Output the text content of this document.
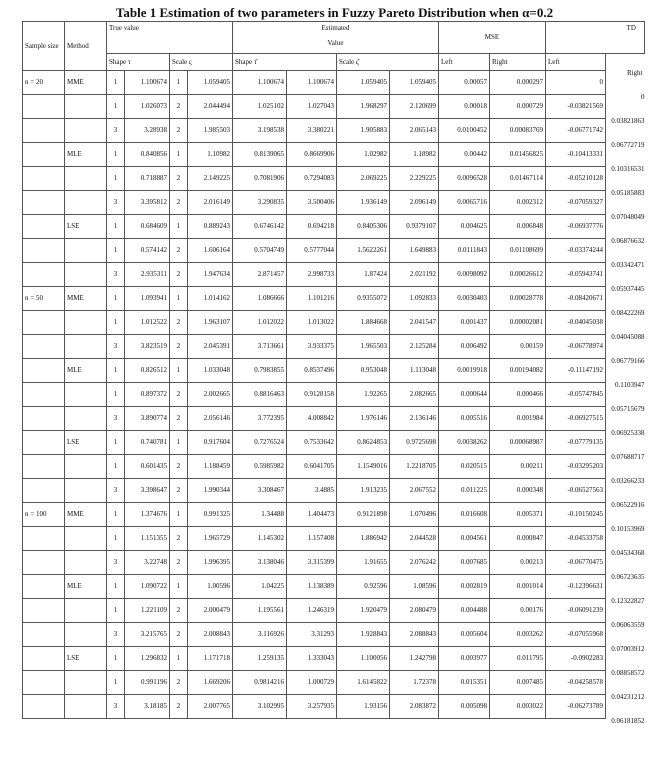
Table 1 Estimation of two parameters in Fuzzy Pareto Distribution when α=0.2
Sample size	Method	True value				Estimated
Value				MSE		TD	
		Shape τ		Scale ς		Shape τ̂		Scale ς̂		Left	Right	Left	Right
n = 20	MME	1	1.100674	1	1.059405	1.100674	1.100674	1.059405	1.059405	0.00057	0.000297	0	0
		1	1.026073	2	2.044494	1.025102	1.027043	1.968297	2.120699	0.00018	0.000729	-0.03821569	0.03821863
		3	3.28938	2	1.985503	3.198538	3.380221	1.905883	2.065143	0.0100452	0.00083769	-0.06771742	0.06772719
	MLE	1	0.840856	1	1.10982	0.8139065	0.8669906	1.02982	1.18982	0.00442	0.01456825	-0.10413331	0.10316531
		1	0.718887	2	2.149225	0.7081906	0.7294083	2.069225	2.229225	0.0096528	0.01467114	-0.05210128	0.05185883
		3	3.395812	2	2.016149	3.290835	3.500406	1.936149	2.096149	0.0065716	0.002312	-0.07059327	0.07048049
	LSE	1	0.684609	1	0.889243	0.6746142	0.694218	0.8405306	0.9379107	0.004625	0.006848	-0.06937776	0.06876632
		1	0.574142	2	1.606164	0.5704749	0.5777044	1.5622261	1.649883	0.0111843	0.01108699	-0.03374244	0.03342471
		3	2.935311	2	1.947634	2.871457	2.998733	1.87424	2.021192	0.0098092	0.00026612	-0.05943741	0.05937445
n = 50	MME	1	1.093941	1	1.014162	1.086666	1.101216	0.9355072	1.092833	0.0030403	0.00028778	-0.08420671	0.08422269
		1	1.012522	2	1.963107	1.012022	1.013022	1.884668	2.041547	0.001437	0.00002081	-0.04045038	0.04045088
		3	3.823519	2	2.045391	3.713661	3.933375	1.965503	2.125284	0.006492	0.00159	-0.06778974	0.06779166
	MLE	1	0.826512	1	1.033048	0.7983855	0.8537496	0.953048	1.113048	0.0019918	0.00194082	-0.11147192	0.1103947
		1	0.897372	2	2.002665	0.8816463	0.9128158	1.92265	2.082665	0.000644	0.000466	-0.05747845	0.05715679
		3	3.890774	2	2.056146	3.772395	4.008842	1.976146	2.136146	0.005516	0.001984	-0.06927515	0.06925338
	LSE	1	0.740781	1	0.917604	0.7276524	0.7533642	0.8624853	0.9725698	0.0038262	0.00068987	-0.07779135	0.07688717
		1	0.601435	2	1.188459	0.5985982	0.6041705	1.1549016	1.2218705	0.020515	0.00211	-0.03295203	0.03266233
		3	3.398647	2	1.990344	3.308467	3.4885	1.913235	2.067552	0.011225	0.000348	-0.06527563	0.06522916
n = 100	MME	1	1.374676	1	0.991325	1.34488	1.404473	0.9121898	1.070496	0.016608	0.005371	-0.10150245	0.10153969
		1	1.151355	2	1.965729	1.145302	1.157408	1.886942	2.044528	0.004561	0.000847	-0.04533758	0.04534368
		3	3.22748	2	1.996395	3.138046	3.315399	1.91655	2.076242	0.007685	0.00213	-0.06770475	0.06723635
	MLE	1	1.090722	1	1.00596	1.04225	1.138389	0.92596	1.08596	0.002819	0.001014	-0.12396631	0.12322827
		1	1.221109	2	2.000479	1.195561	1.246319	1.920479	2.080479	0.004488	0.00176	-0.06091239	0.06063559
		3	3.215765	2	2.008843	3.116926	3.31293	1.928843	2.088843	0.005604	0.003262	-0.07055968	0.07003912
	LSE	1	1.296832	1	1.171718	1.259135	1.333043	1.100056	1.242798	0.003977	0.011795	-0.0902283	0.08858572
		1	0.991196	2	1.669206	0.9814216	1.000729	1.6145822	1.72378	0.015351	0.007485	-0.04258578	0.04231212
		3	3.18185	2	2.007765	3.102995	3.257935	1.93156	2.083872	0.005098	0.003022	-0.06273789	0.06181852
